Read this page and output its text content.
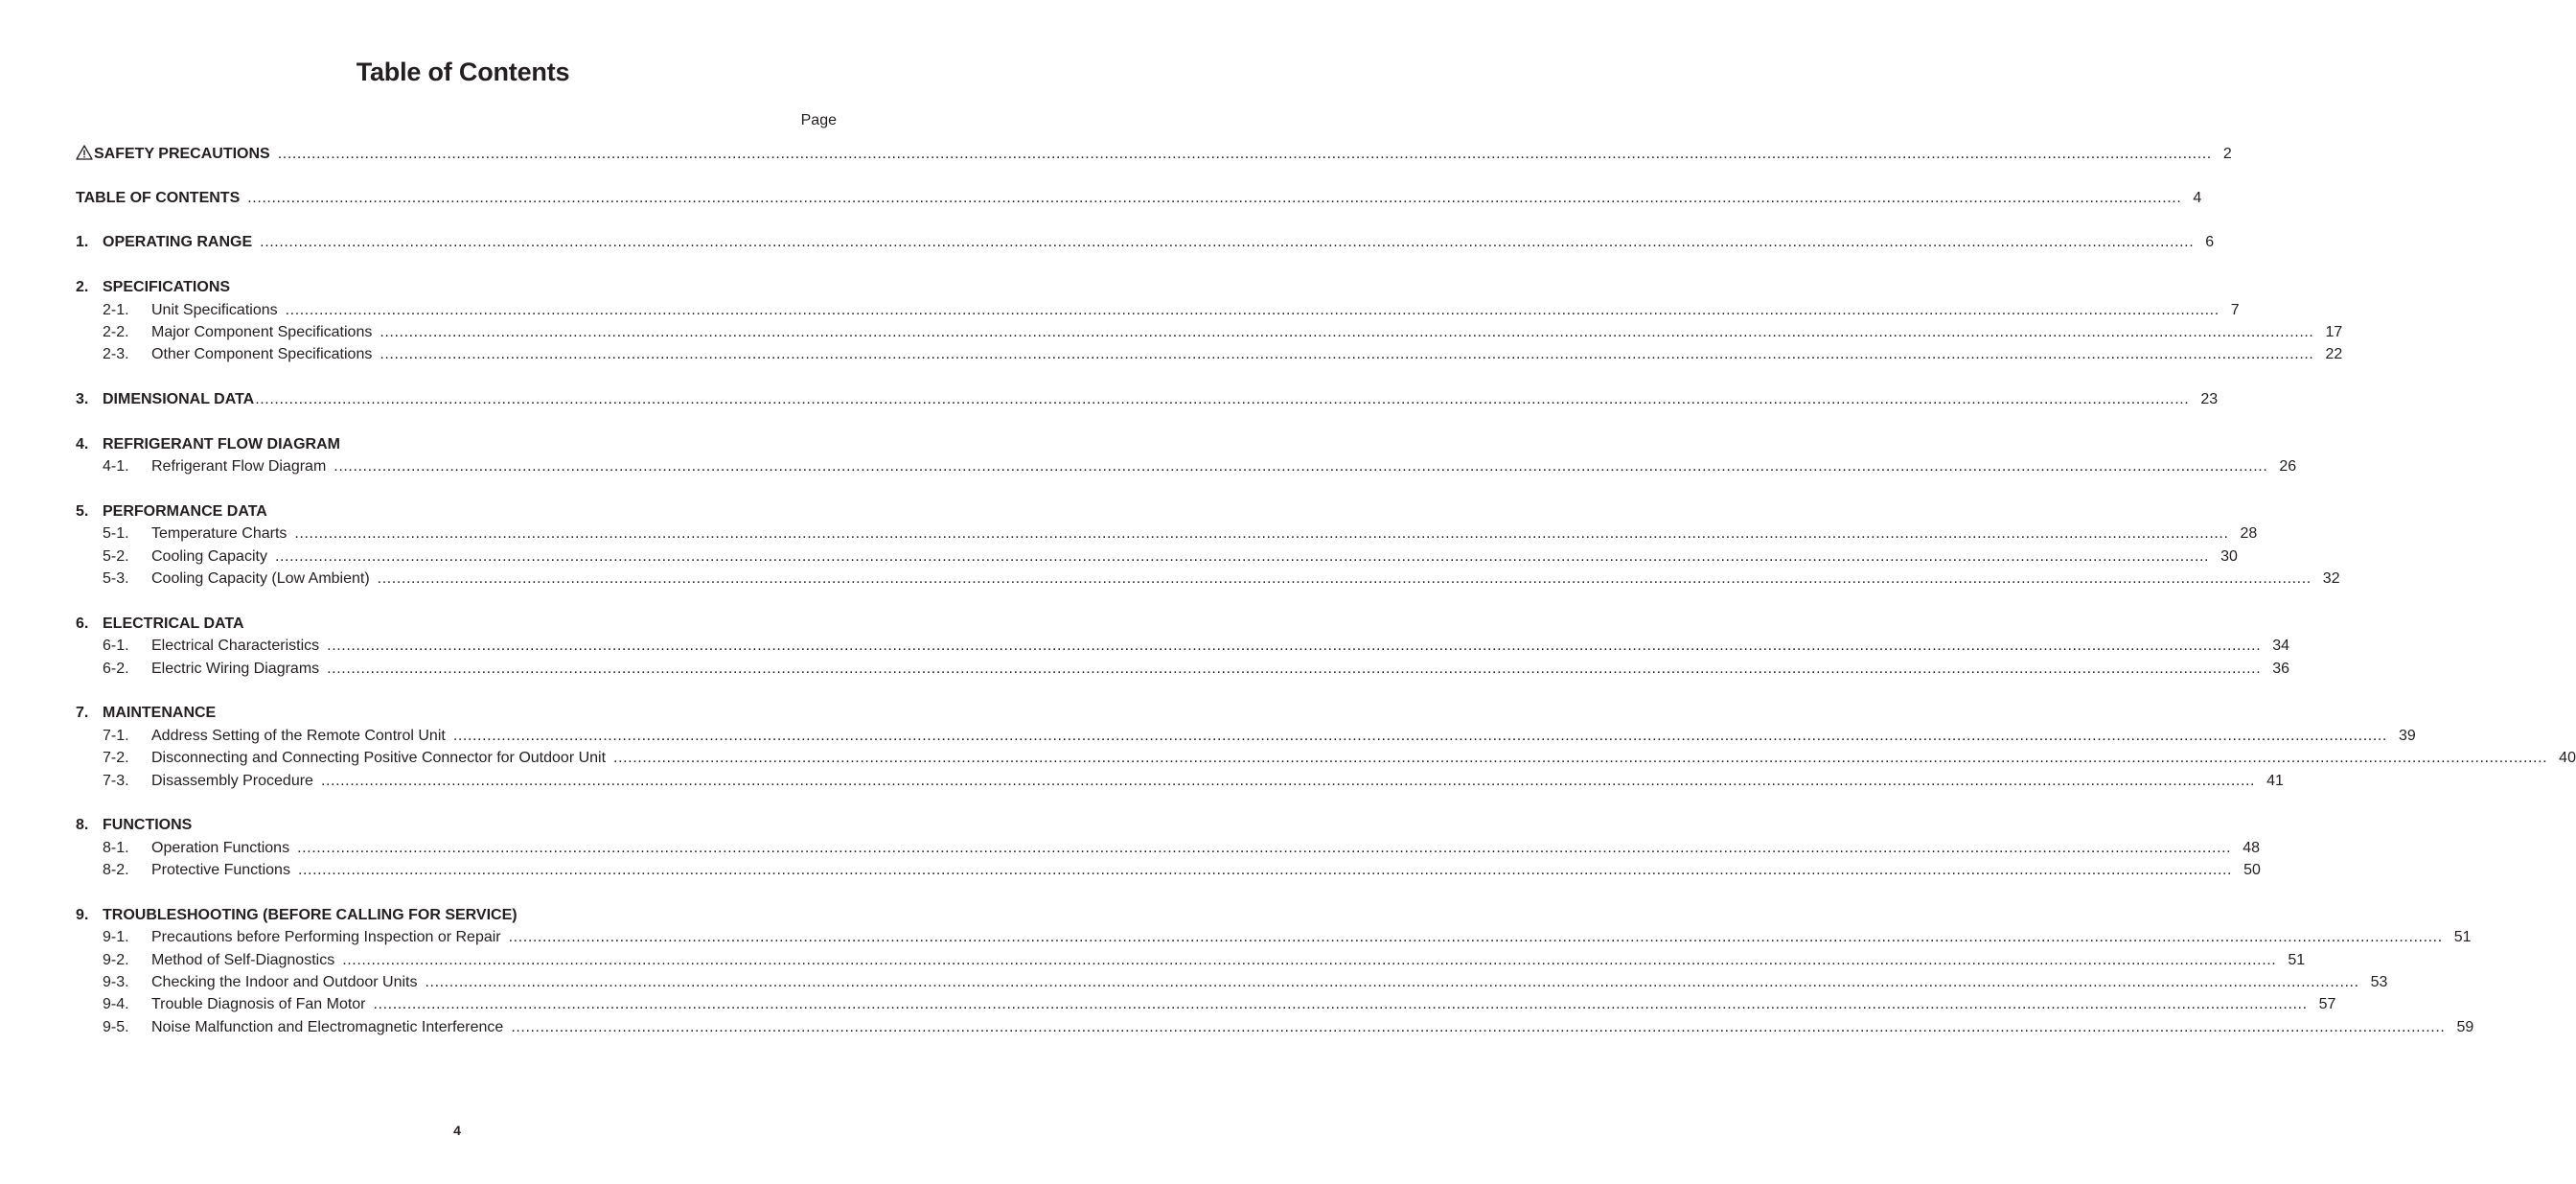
Table of Contents
Page
SAFETY PRECAUTIONS ................................................................................................................................................................................................................................................................................................................................................................................................................ 2
TABLE OF CONTENTS ................................................................................................................................................................................................................................................................................................................................................................................................................ 4
1. OPERATING RANGE ................................................................................................................................................................................................................................................................................................................................................................................................................ 6
2. SPECIFICATIONS
2-1.	Unit Specifications ................................................................................................................................................................................................................................................................................................................................................................................................................ 7
2-2.	Major Component Specifications ................................................................................................................................................................................................................................................................................................................................................................................................................ 17
2-3.	Other Component Specifications ................................................................................................................................................................................................................................................................................................................................................................................................................ 22
3. DIMENSIONAL DATA ................................................................................................................................................................................................................................................................................................................................................................................................................ 23
4. REFRIGERANT FLOW DIAGRAM
4-1.	Refrigerant Flow Diagram ................................................................................................................................................................................................................................................................................................................................................................................................................ 26
5. PERFORMANCE DATA
5-1.	Temperature Charts ................................................................................................................................................................................................................................................................................................................................................................................................................ 28
5-2.	Cooling Capacity ................................................................................................................................................................................................................................................................................................................................................................................................................ 30
5-3.	Cooling Capacity (Low Ambient) ................................................................................................................................................................................................................................................................................................................................................................................................................ 32
6. ELECTRICAL DATA
6-1.	Electrical Characteristics ................................................................................................................................................................................................................................................................................................................................................................................................................ 34
6-2.	Electric Wiring Diagrams ................................................................................................................................................................................................................................................................................................................................................................................................................ 36
7. MAINTENANCE
7-1.	Address Setting of the Remote Control Unit ................................................................................................................................................................................................................................................................................................................................................................................................................ 39
7-2.	Disconnecting and Connecting Positive Connector for Outdoor Unit ................................................................................................................................................................................................................................................................................................................................................................................................................ 40
7-3.	Disassembly Procedure ................................................................................................................................................................................................................................................................................................................................................................................................................ 41
8. FUNCTIONS
8-1.	Operation Functions ................................................................................................................................................................................................................................................................................................................................................................................................................ 48
8-2.	Protective Functions ................................................................................................................................................................................................................................................................................................................................................................................................................ 50
9. TROUBLESHOOTING (BEFORE CALLING FOR SERVICE)
9-1.	Precautions before Performing Inspection or Repair ................................................................................................................................................................................................................................................................................................................................................................................................................ 51
9-2.	Method of Self-Diagnostics ................................................................................................................................................................................................................................................................................................................................................................................................................ 51
9-3.	Checking the Indoor and Outdoor Units ................................................................................................................................................................................................................................................................................................................................................................................................................ 53
9-4.	Trouble Diagnosis of Fan Motor ................................................................................................................................................................................................................................................................................................................................................................................................................ 57
9-5.	Noise Malfunction and Electromagnetic Interference ................................................................................................................................................................................................................................................................................................................................................................................................................ 59
4
